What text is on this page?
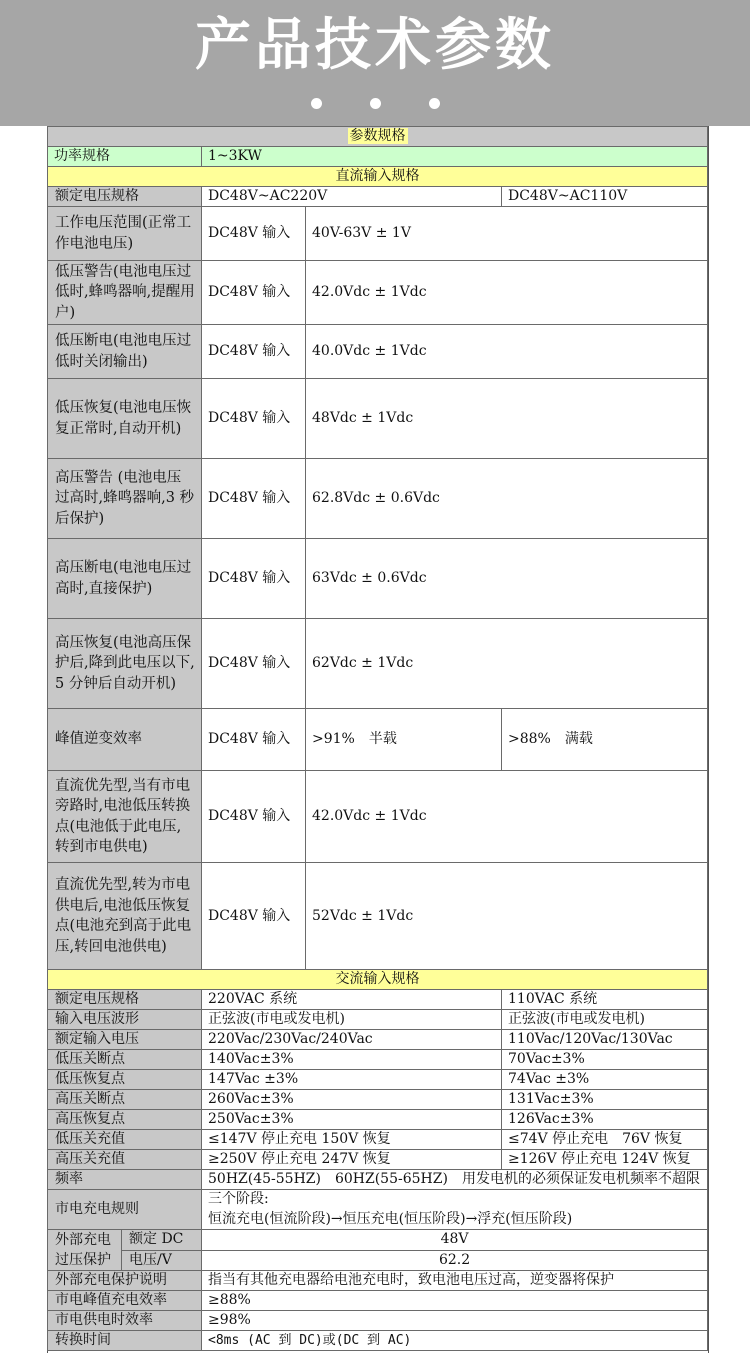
产品技术参数
参数规格				
功率规格		1~3KW		
直流输入规格				
额定电压规格		DC48V~AC220V		DC48V~AC110V

工作电压范围(正常工作电池电压)		DC48V 输入	40V-63V ± 1V	

低压警告(电池电压过低时,蜂鸣器响,提醒用户)		DC48V 输入	42.0Vdc ± 1Vdc	

低压断电(电池电压过低时关闭输出)		DC48V 输入	40.0Vdc ± 1Vdc	

低压恢复(电池电压恢复正常时,自动开机)		DC48V 输入	48Vdc ± 1Vdc	

高压警告 (电池电压过高时,蜂鸣器响,3 秒后保护)		DC48V 输入	62.8Vdc ± 0.6Vdc	

高压断电(电池电压过高时,直接保护)		DC48V 输入	63Vdc ± 0.6Vdc	

高压恢复(电池高压保护后,降到此电压以下,5 分钟后自动开机)		DC48V 输入	62Vdc ± 1Vdc	
峰值逆变效率		DC48V 输入	>91%　半载	>88%　满载

直流优先型,当有市电旁路时,电池低压转换点(电池低于此电压,转到市电供电)		DC48V 输入	42.0Vdc ± 1Vdc	

直流优先型,转为市电供电后,电池低压恢复点(电池充到高于此电压,转回电池供电)		DC48V 输入	52Vdc ± 1Vdc	
交流输入规格				
额定电压规格		220VAC 系统		110VAC 系统
输入电压波形		正弦波(市电或发电机)		正弦波(市电或发电机)
额定输入电压		220Vac/230Vac/240Vac		110Vac/120Vac/130Vac
低压关断点		140Vac±3%		70Vac±3%
低压恢复点		147Vac ±3%		74Vac ±3%
高压关断点		260Vac±3%		131Vac±3%
高压恢复点		250Vac±3%		126Vac±3%
低压关充值		≤147V 停止充电 150V 恢复		≤74V 停止充电　76V 恢复
高压关充值		≥250V 停止充电 247V 恢复		≥126V 停止充电 124V 恢复
频率		50HZ(45-55HZ)　60HZ(55-65HZ)　用发电机的必须保证发电机频率不超限		
市电充电规则		三个阶段:		
		恒流充电(恒流阶段)→恒压充电(恒压阶段)→浮充(恒压阶段)		

外部充电过压保护	额定 DC	48V		
	电压/V	62.2		
外部充电保护说明		指当有其他充电器给电池充电时，致电池电压过高，逆变器将保护		
市电峰值充电效率		≥88%		
市电供电时效率		≥98%		
转换时间		<8ms (AC 到 DC)或(DC 到 AC)		
